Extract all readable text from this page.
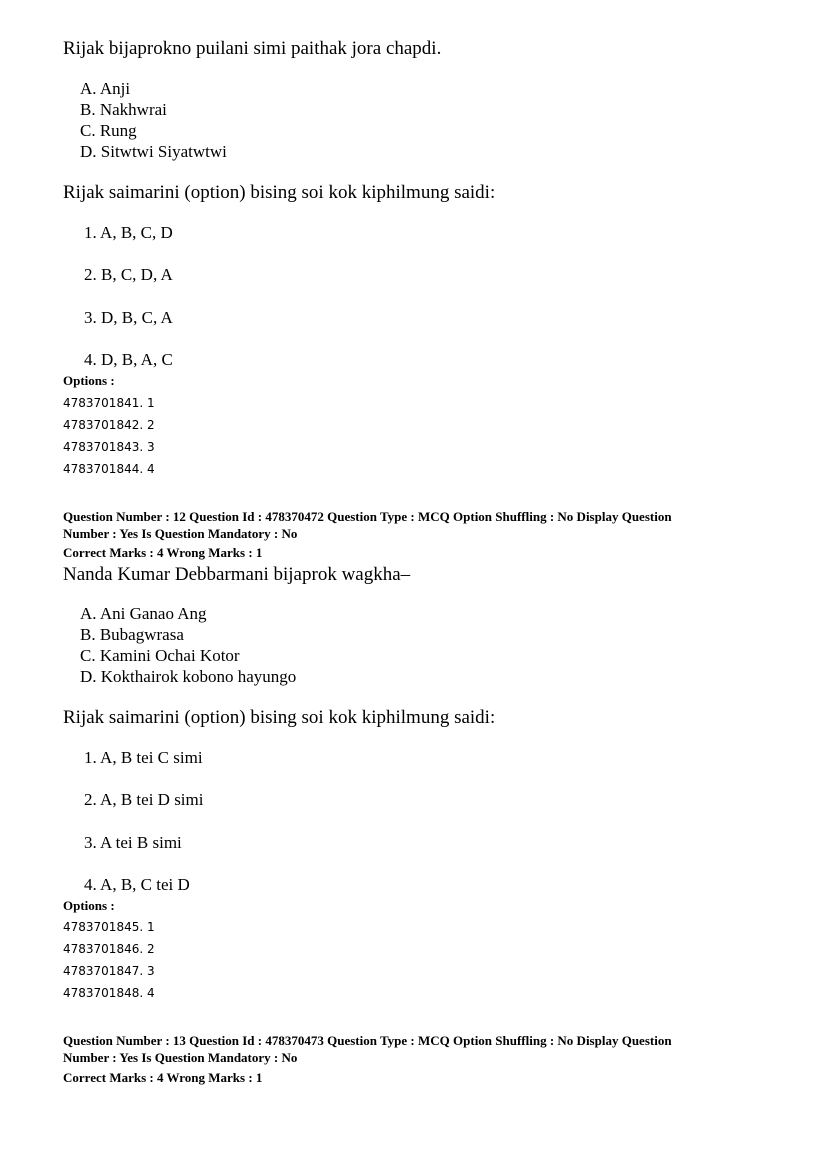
Rijak bijaprokno puilani simi paithak jora chapdi.
A. Anji
B. Nakhwrai
C. Rung
D. Sitwtwi Siyatwtwi
Rijak saimarini (option) bising soi kok kiphilmung saidi:
1. A, B, C, D
2. B, C, D, A
3. D, B, C, A
4. D, B, A, C
Options :
4783701841. 1
4783701842. 2
4783701843. 3
4783701844. 4
Question Number : 12 Question Id : 478370472 Question Type : MCQ Option Shuffling : No Display Question
Number : Yes Is Question Mandatory : No
Correct Marks : 4 Wrong Marks : 1
Nanda Kumar Debbarmani bijaprok wagkha–
A. Ani Ganao Ang
B. Bubagwrasa
C. Kamini Ochai Kotor
D. Kokthairok kobono hayungo
Rijak saimarini (option) bising soi kok kiphilmung saidi:
1. A, B tei C simi
2. A, B tei D simi
3. A tei B simi
4. A, B, C tei D
Options :
4783701845. 1
4783701846. 2
4783701847. 3
4783701848. 4
Question Number : 13 Question Id : 478370473 Question Type : MCQ Option Shuffling : No Display Question
Number : Yes Is Question Mandatory : No
Correct Marks : 4 Wrong Marks : 1
